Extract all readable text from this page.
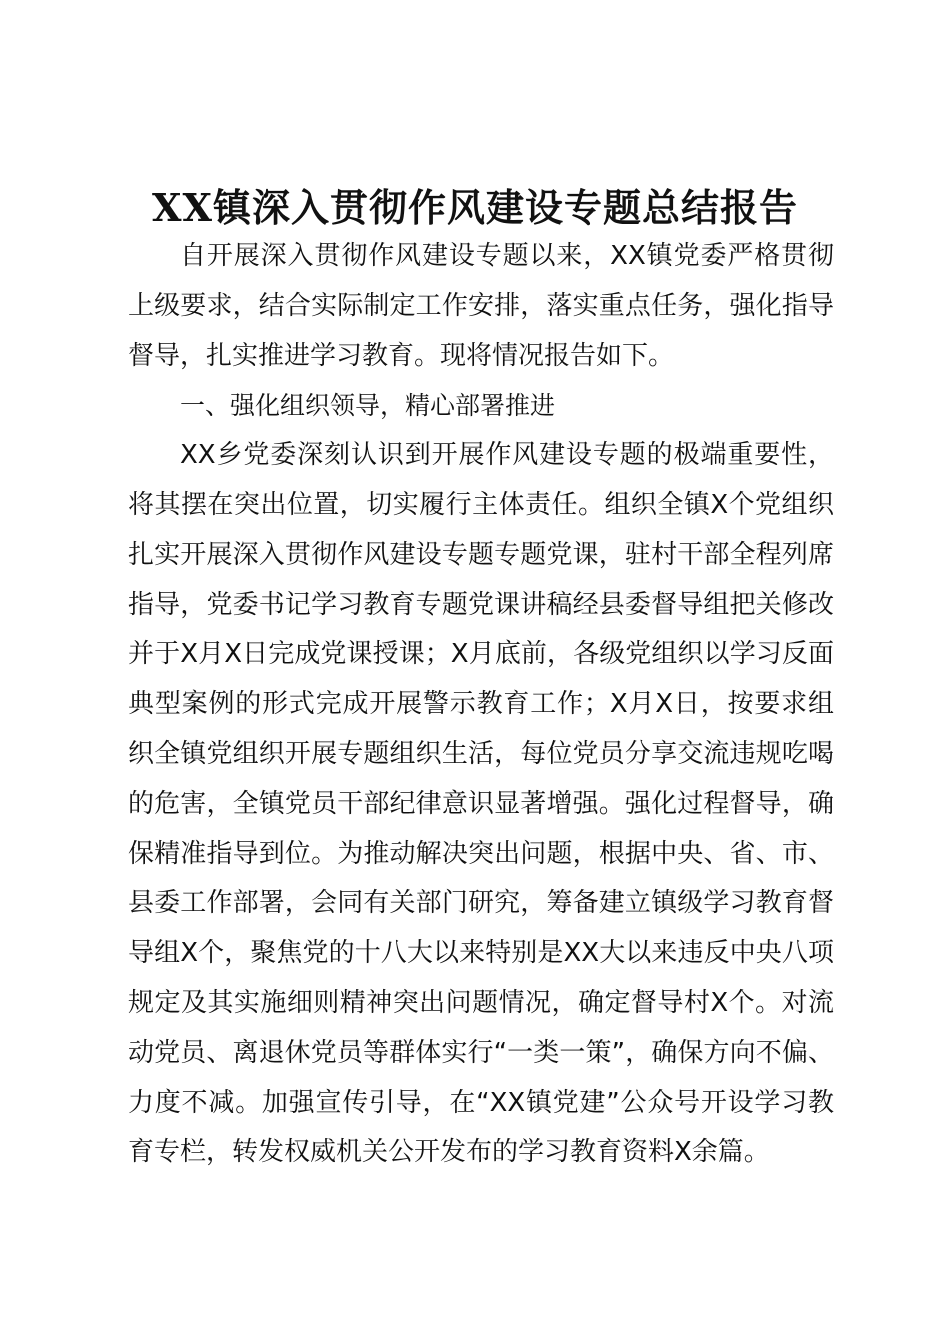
XX镇深入贯彻作风建设专题总结报告

自开展深入贯彻作风建设专题以来，XX镇党委严格贯彻上级要求，结合实际制定工作安排，落实重点任务，强化指导督导，扎实推进学习教育。现将情况报告如下。

一、强化组织领导，精心部署推进

XX乡党委深刻认识到开展作风建设专题的极端重要性，将其摆在突出位置，切实履行主体责任。组织全镇X个党组织扎实开展深入贯彻作风建设专题专题党课，驻村干部全程列席指导，党委书记学习教育专题党课讲稿经县委督导组把关修改并于X月X日完成党课授课；X月底前，各级党组织以学习反面典型案例的形式完成开展警示教育工作；X月X日，按要求组织全镇党组织开展专题组织生活，每位党员分享交流违规吃喝的危害，全镇党员干部纪律意识显著增强。强化过程督导，确保精准指导到位。为推动解决突出问题，根据中央、省、市、县委工作部署，会同有关部门研究，筹备建立镇级学习教育督导组X个，聚焦党的十八大以来特别是XX大以来违反中央八项规定及其实施细则精神突出问题情况，确定督导村X个。对流动党员、离退休党员等群体实行“一类一策”，确保方向不偏、力度不减。加强宣传引导，在“XX镇党建”公众号开设学习教育专栏，转发权威机关公开发布的学习教育资料X余篇。
